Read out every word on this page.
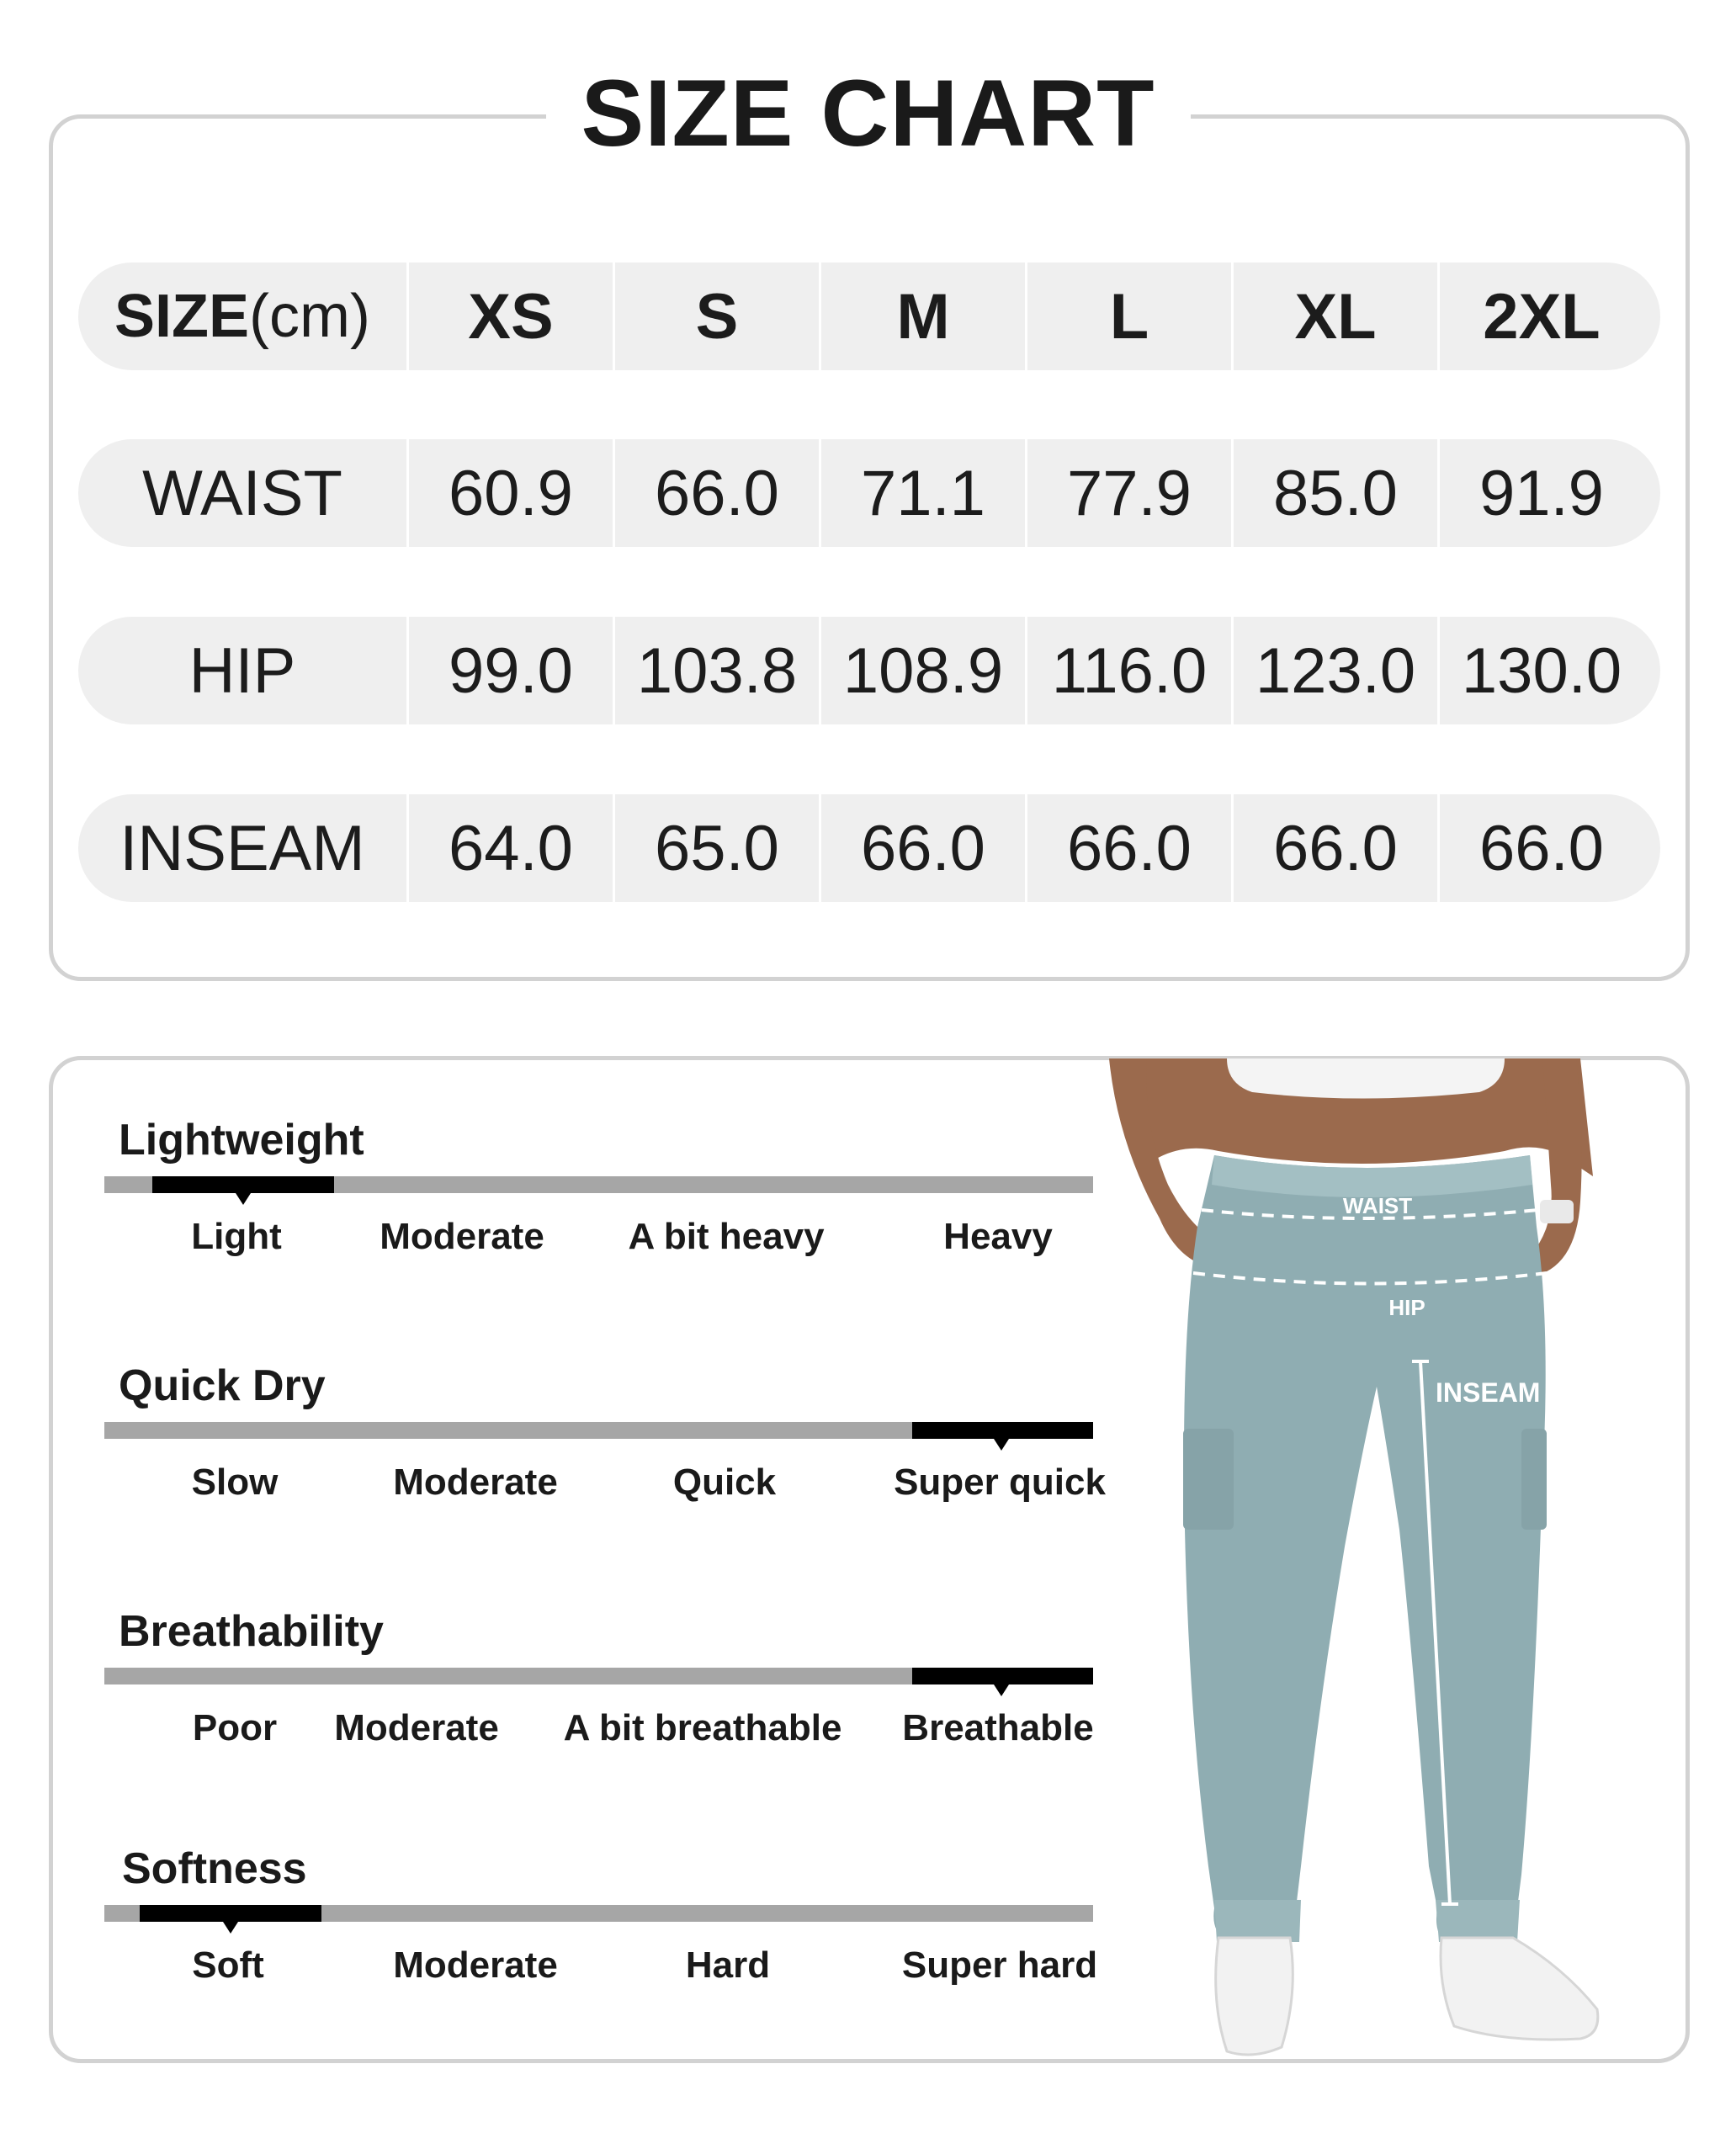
SIZE CHART
SIZE (cm)	XS	S	M	L	XL	2XL
WAIST	60.9	66.0	71.1	77.9	85.0	91.9
HIP	99.0 103.8 108.9 116.0 123.0 130.0
INSEAM	64.0	65.0	66.0	66.0	66.0	66.0
Lightweight
Light	Moderate A bit heavy	Heavy
Quick Dry
Slow	Moderate	Quick	Super quick
Breathability
Poor Moderate A bit breathable Breathable
Softness
Soft	Moderate	Hard	Super hard
WAIST
HIP
INSEAM
